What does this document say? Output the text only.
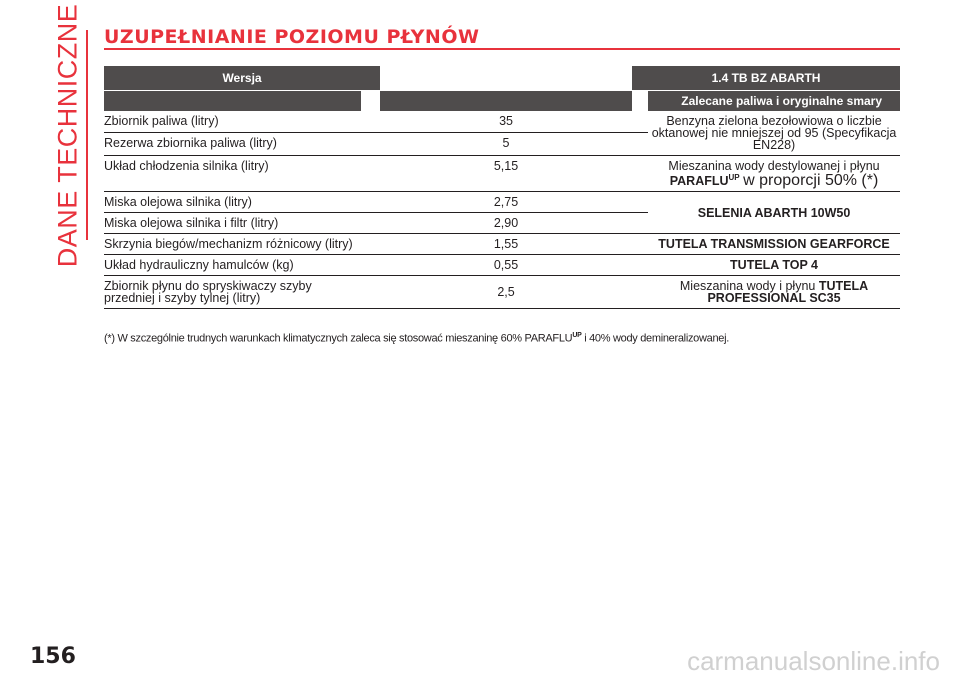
DANE TECHNICZNE UZUPEŁNIANIE POZIOMU PŁYNÓW
Wersja			1.4 TB BZ ABARTH	
				Zalecane paliwa i oryginalne smary
Zbiornik paliwa (litry)		35		Benzyna zielona bezołowiowa o liczbie oktanowej nie mniejszej od 95 (Specyfikacja EN228)
Rezerwa zbiornika paliwa (litry)		5		
Układ chłodzenia silnika (litry)		5,15		Mieszanina wody destylowanej i płynu
$PARAFLU^{UP}$ w proporcji 50% (*)
Miska olejowa silnika (litry)		2,75		SELENIA ABARTH 10W50
Miska olejowa silnika i filtr (litry)		2,90		
Skrzynia biegów/mechanizm różnicowy (litry)		1,55		TUTELA TRANSMISSION GEARFORCE
Układ hydrauliczny hamulców (kg)		0,55		TUTELA TOP 4
Zbiornik płynu do spryskiwaczy szyby przedniej i szyby tylnej (litry)		2,5		Mieszanina wody i płynu TUTELA PROFESSIONAL SC35

(*) W szczególnie trudnych warunkach klimatycznych zaleca się stosować mieszaninę 60% $PARAFLU^{UP}$ i 40% wody demineralizowanej.

156	carmanualsonline.info
